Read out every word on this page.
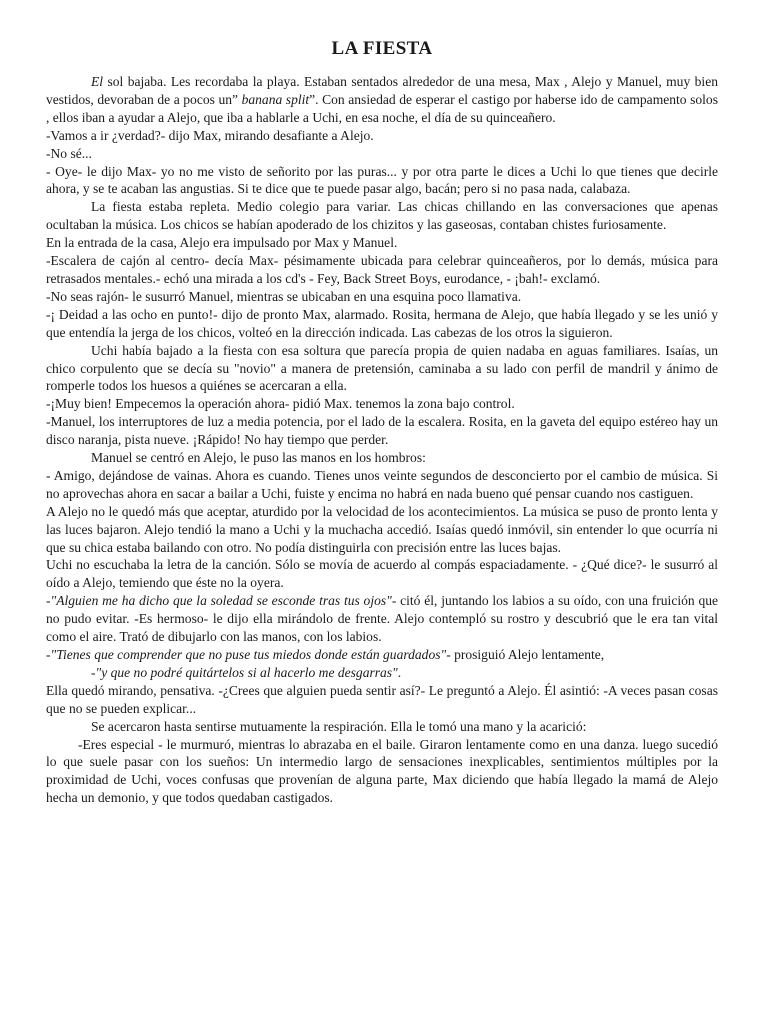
LA FIESTA

El sol bajaba. Les recordaba la playa. Estaban sentados alrededor de una mesa, Max , Alejo y Manuel, muy bien vestidos, devoraban de a pocos un” banana split”. Con ansiedad de esperar el castigo por haberse ido de campamento solos , ellos iban a ayudar a Alejo, que iba a hablarle a Uchi, en esa noche, el día de su quinceañero.

-Vamos a ir ¿verdad?- dijo Max, mirando desafiante a Alejo.

-No sé...

- Oye- le dijo Max- yo no me visto de señorito por las puras... y por otra parte le dices a Uchi lo que tienes que decirle ahora, y se te acaban las angustias. Si te dice que te puede pasar algo, bacán; pero si no pasa nada, calabaza.

La fiesta estaba repleta. Medio colegio para variar. Las chicas chillando en las conversaciones que apenas ocultaban la música. Los chicos se habían apoderado de los chizitos y las gaseosas, contaban chistes furiosamente.

En la entrada de la casa, Alejo era impulsado por Max y Manuel.

-Escalera de cajón al centro- decía Max- pésimamente ubicada para celebrar quinceañeros, por lo demás, música para retrasados mentales.- echó una mirada a los cd's - Fey, Back Street Boys, eurodance, - ¡bah!- exclamó.

-No seas rajón- le susurró Manuel, mientras se ubicaban en una esquina poco llamativa.

-¡ Deidad a las ocho en punto!- dijo de pronto Max, alarmado. Rosita, hermana de Alejo, que había llegado y se les unió y que entendía la jerga de los chicos, volteó en la dirección indicada. Las cabezas de los otros la siguieron.

Uchi había bajado a la fiesta con esa soltura que parecía propia de quien nadaba en aguas familiares. Isaías, un chico corpulento que se decía su "novio" a manera de pretensión, caminaba a su lado con perfil de mandril y ánimo de romperle todos los huesos a quiénes se acercaran a ella.

-¡Muy bien! Empecemos la operación ahora- pidió Max. tenemos la zona bajo control.

-Manuel, los interruptores de luz a media potencia, por el lado de la escalera. Rosita, en la gaveta del equipo estéreo hay un disco naranja, pista nueve. ¡Rápido! No hay tiempo que perder.

Manuel se centró en Alejo, le puso las manos en los hombros:

- Amigo, dejándose de vainas. Ahora es cuando. Tienes unos veinte segundos de desconcierto por el cambio de música. Si no aprovechas ahora en sacar a bailar a Uchi, fuiste y encima no habrá en nada bueno qué pensar cuando nos castiguen.

A Alejo no le quedó más que aceptar, aturdido por la velocidad de los acontecimientos. La música se puso de pronto lenta y las luces bajaron. Alejo tendió la mano a Uchi y la muchacha accedió. Isaías quedó inmóvil, sin entender lo que ocurría ni que su chica estaba bailando con otro. No podía distinguirla con precisión entre las luces bajas.

Uchi no escuchaba la letra de la canción. Sólo se movía de acuerdo al compás espaciadamente. - ¿Qué dice?- le susurró al oído a Alejo, temiendo que éste no la oyera.

-"Alguien me ha dicho que la soledad se esconde tras tus ojos"- citó él, juntando los labios a su oído, con una fruición que no pudo evitar. -Es hermoso- le dijo ella mirándolo de frente. Alejo contempló su rostro y descubrió que le era tan vital como el aire. Trató de dibujarlo con las manos, con los labios.

-"Tienes que comprender que no puse tus miedos donde están guardados"- prosiguió Alejo lentamente,

-"y que no podré quitártelos si al hacerlo me desgarras".

Ella quedó mirando, pensativa. -¿Crees que alguien pueda sentir así?- Le preguntó a Alejo. Él asintió: -A veces pasan cosas que no se pueden explicar...

Se acercaron hasta sentirse mutuamente la respiración. Ella le tomó una mano y la acarició:

-Eres especial - le murmuró, mientras lo abrazaba en el baile. Giraron lentamente como en una danza. luego sucedió lo que suele pasar con los sueños: Un intermedio largo de sensaciones inexplicables, sentimientos múltiples por la proximidad de Uchi, voces confusas que provenían de alguna parte, Max diciendo que había llegado la mamá de Alejo hecha un demonio, y que todos quedaban castigados.
